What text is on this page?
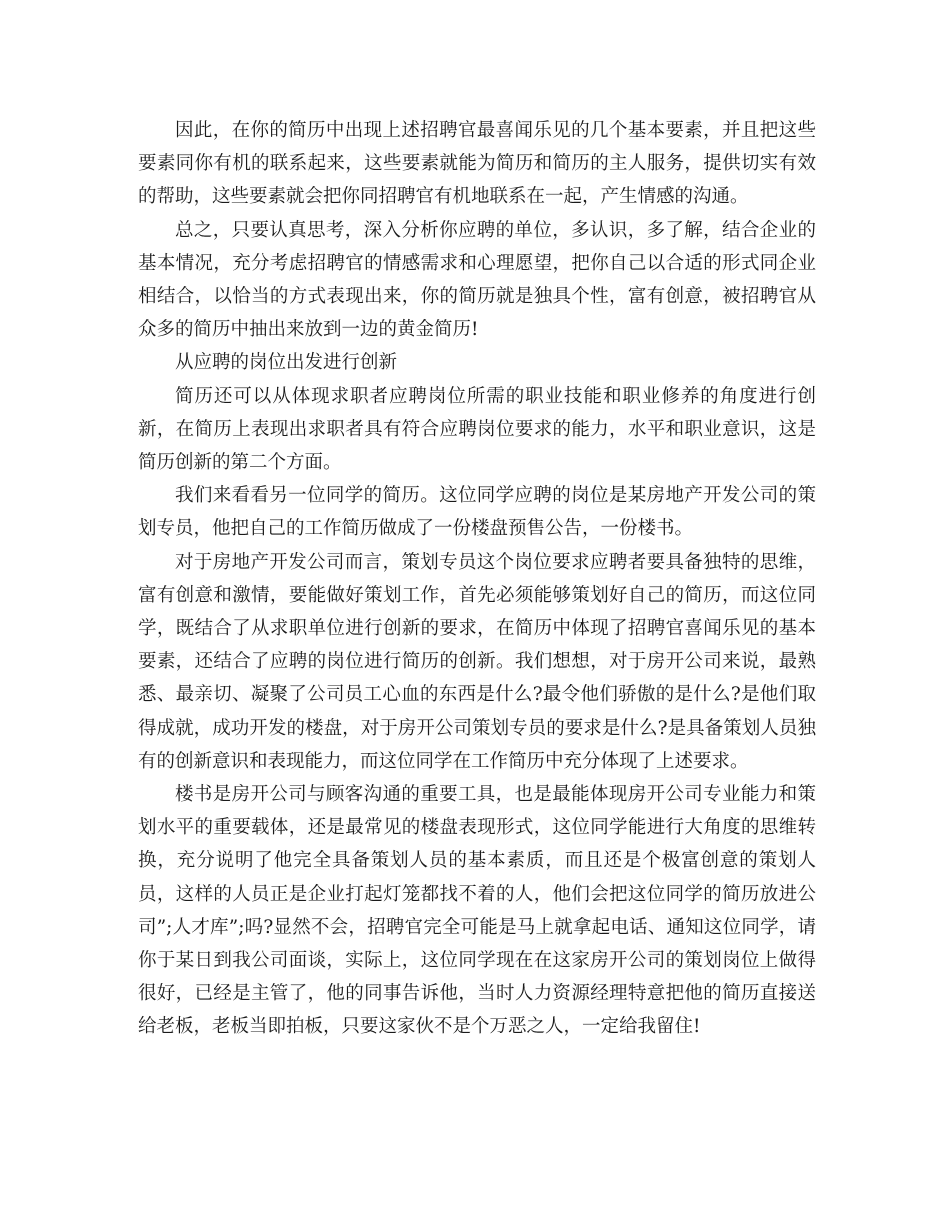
因此，在你的简历中出现上述招聘官最喜闻乐见的几个基本要素，并且把这些要素同你有机的联系起来，这些要素就能为简历和简历的主人服务，提供切实有效的帮助，这些要素就会把你同招聘官有机地联系在一起，产生情感的沟通。

总之，只要认真思考，深入分析你应聘的单位，多认识，多了解，结合企业的基本情况，充分考虑招聘官的情感需求和心理愿望，把你自己以合适的形式同企业相结合，以恰当的方式表现出来，你的简历就是独具个性，富有创意，被招聘官从众多的简历中抽出来放到一边的黄金简历!

从应聘的岗位出发进行创新

简历还可以从体现求职者应聘岗位所需的职业技能和职业修养的角度进行创新，在简历上表现出求职者具有符合应聘岗位要求的能力，水平和职业意识，这是简历创新的第二个方面。

我们来看看另一位同学的简历。这位同学应聘的岗位是某房地产开发公司的策划专员，他把自己的工作简历做成了一份楼盘预售公告，一份楼书。

对于房地产开发公司而言，策划专员这个岗位要求应聘者要具备独特的思维，富有创意和激情，要能做好策划工作，首先必须能够策划好自己的简历，而这位同学，既结合了从求职单位进行创新的要求，在简历中体现了招聘官喜闻乐见的基本要素，还结合了应聘的岗位进行简历的创新。我们想想，对于房开公司来说，最熟悉、最亲切、凝聚了公司员工心血的东西是什么?最令他们骄傲的是什么?是他们取得成就，成功开发的楼盘，对于房开公司策划专员的要求是什么?是具备策划人员独有的创新意识和表现能力，而这位同学在工作简历中充分体现了上述要求。

楼书是房开公司与顾客沟通的重要工具，也是最能体现房开公司专业能力和策划水平的重要载体，还是最常见的楼盘表现形式，这位同学能进行大角度的思维转换，充分说明了他完全具备策划人员的基本素质，而且还是个极富创意的策划人员，这样的人员正是企业打起灯笼都找不着的人，他们会把这位同学的简历放进公司”;人才库”;吗?显然不会，招聘官完全可能是马上就拿起电话、通知这位同学，请你于某日到我公司面谈，实际上，这位同学现在在这家房开公司的策划岗位上做得很好，已经是主管了，他的同事告诉他，当时人力资源经理特意把他的简历直接送给老板，老板当即拍板，只要这家伙不是个万恶之人，一定给我留住!
